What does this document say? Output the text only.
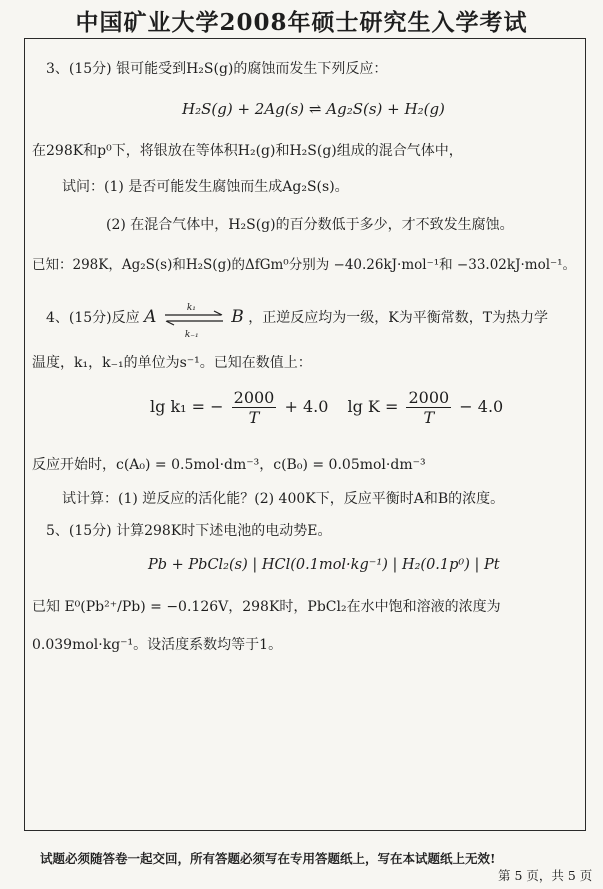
中国矿业大学2008年硕士研究生入学考试
3、(15分) 银可能受到H₂S(g)的腐蚀而发生下列反应：
H₂S(g) + 2Ag(s) ⇌ Ag₂S(s) + H₂(g)
在298K和p⁰下，将银放在等体积H₂(g)和H₂S(g)组成的混合气体中，
试问：(1) 是否可能发生腐蚀而生成Ag₂S(s)。
(2) 在混合气体中，H₂S(g)的百分数低于多少，才不致发生腐蚀。
已知：298K，Ag₂S(s)和H₂S(g)的ΔfGm⁰分别为 −40.26kJ·mol⁻¹和 −33.02kJ·mol⁻¹。
4、(15分)反应 A	k₁
k₋₁
B ，正逆反应均为一级，K为平衡常数，T为热力学
温度，k₁，k₋₁的单位为s⁻¹。已知在数值上：
lg k₁ = − $\frac{2000}{T} + 4.0$ $\lg K = \frac{2000}{T} - 4.0$
反应开始时，c(A₀) = 0.5mol·dm⁻³，c(B₀) = 0.05mol·dm⁻³
试计算：(1) 逆反应的活化能？(2) 400K下，反应平衡时A和B的浓度。
5、(15分) 计算298K时下述电池的电动势E。
Pb + PbCl₂(s) | HCl(0.1mol·kg⁻¹) | H₂(0.1p⁰) | Pt
已知 E⁰(Pb²⁺/Pb) = −0.126V，298K时，PbCl₂在水中饱和溶液的浓度为
0.039mol·kg⁻¹。设活度系数均等于1。
试题必须随答卷一起交回，所有答题必须写在专用答题纸上，写在本试题纸上无效!
第 5 页，共 5 页
